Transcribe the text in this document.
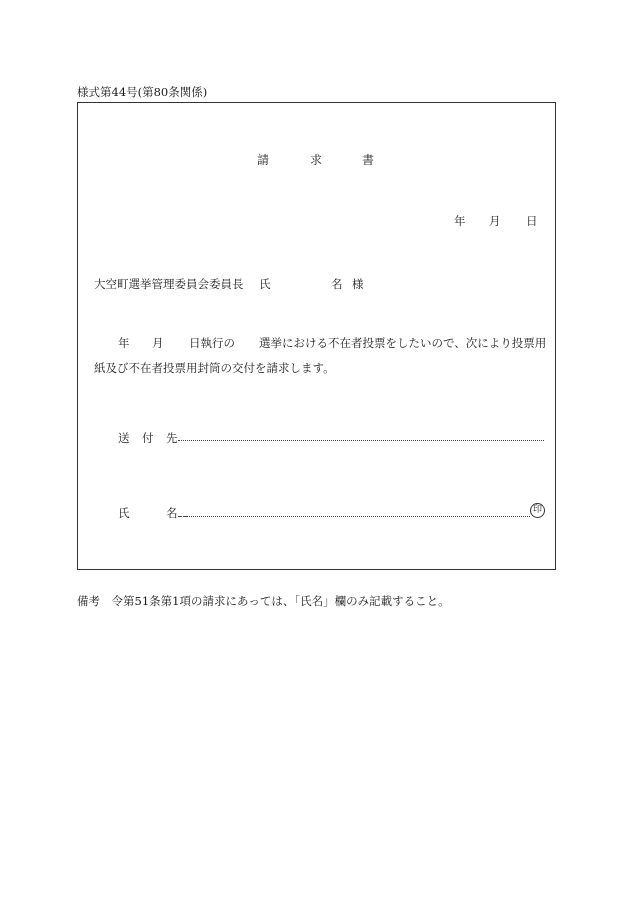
様式第44号(第80条関係)
請	求	書
年 月 日
大空町選挙管理委員会委員長 氏	名 様
年 月 日執行の 選挙における不在者投票をしたいので、次により投票用
紙及び不在者投票用封筒の交付を請求します。
送 付 先
氏	名	印
備考　令第51条第1項の請求にあっては、「氏名」欄のみ記載すること。
